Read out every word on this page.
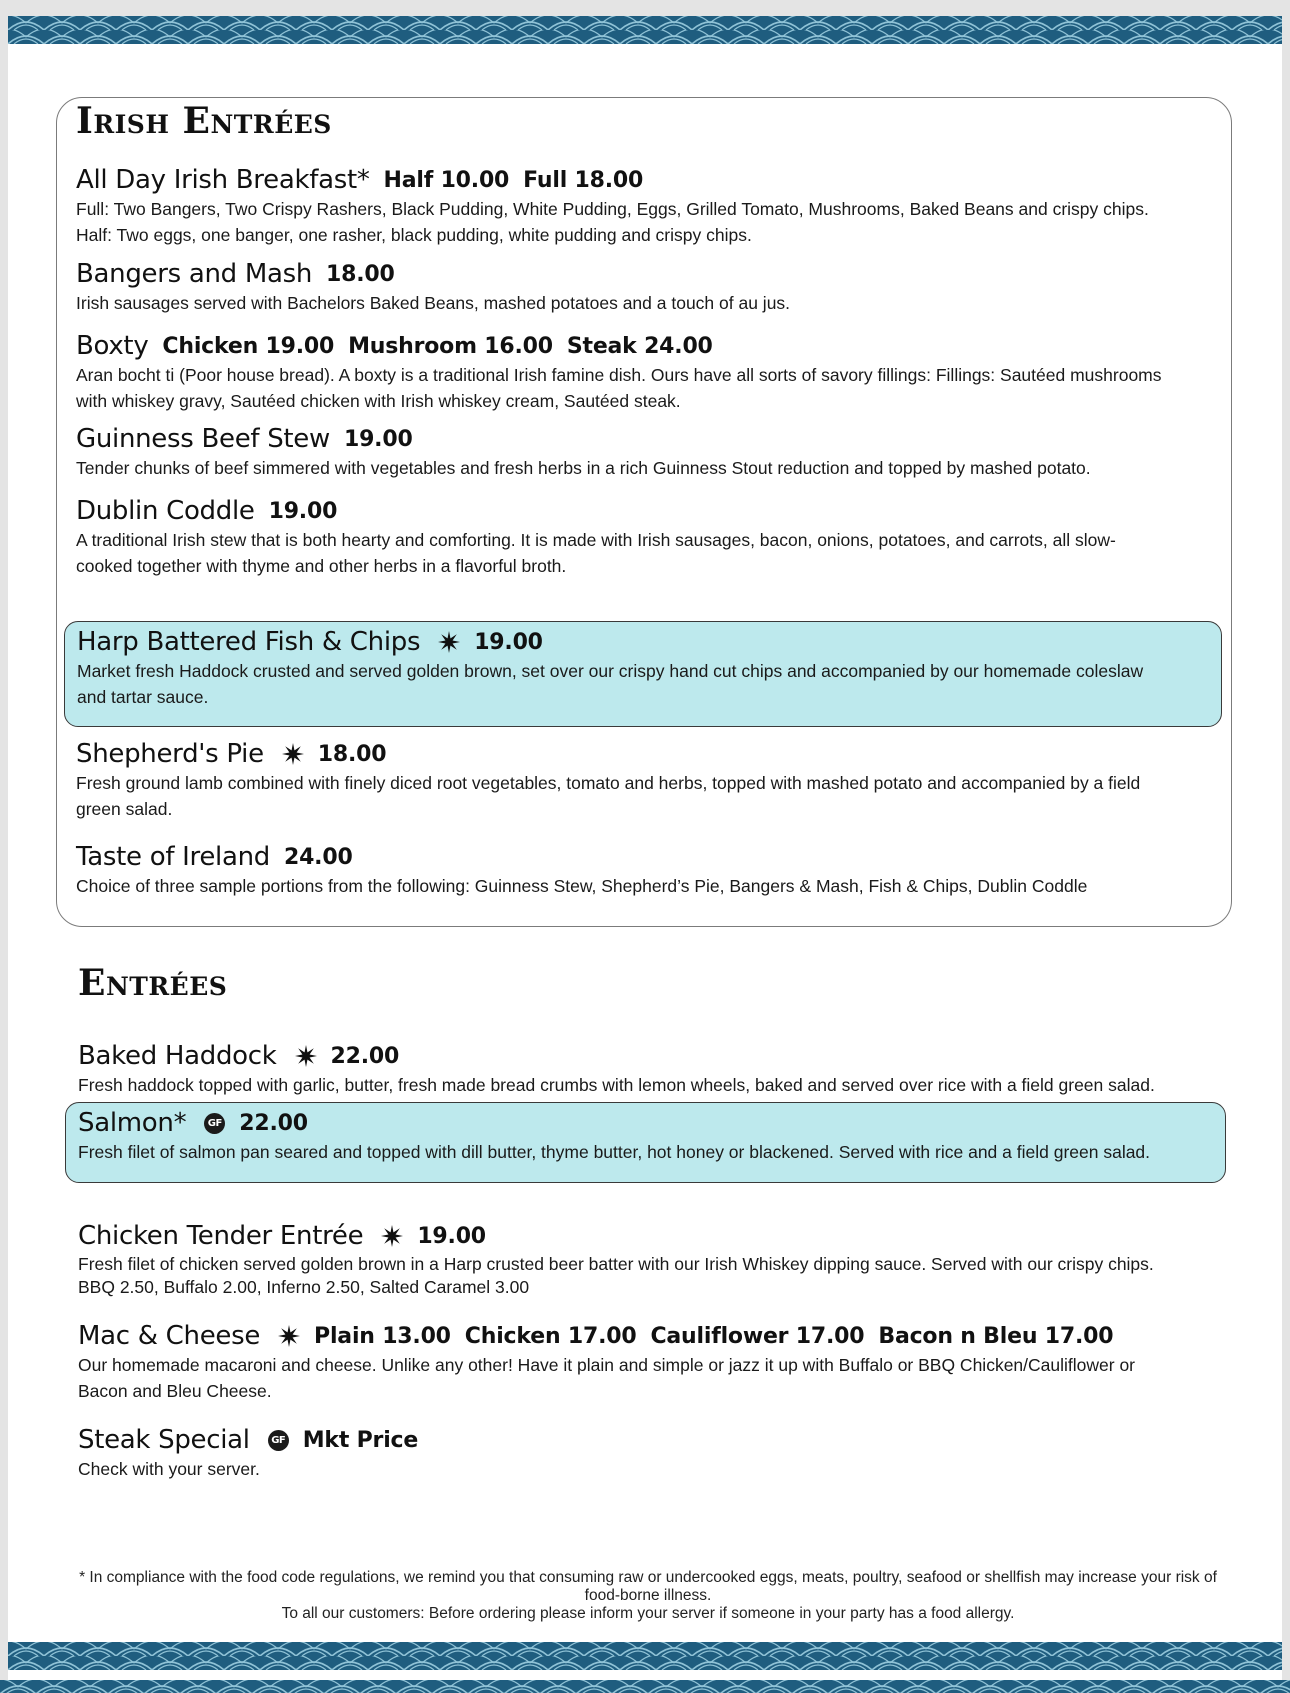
Irish Entrées
All Day Irish Breakfast* Half 10.00 Full 18.00

Full: Two Bangers, Two Crispy Rashers, Black Pudding, White Pudding, Eggs, Grilled Tomato, Mushrooms, Baked Beans and crispy chips.

Half: Two eggs, one banger, one rasher, black pudding, white pudding and crispy chips.

Bangers and Mash 18.00

Irish sausages served with Bachelors Baked Beans, mashed potatoes and a touch of au jus.

Boxty Chicken 19.00 Mushroom 16.00 Steak 24.00

Aran bocht ti (Poor house bread). A boxty is a traditional Irish famine dish. Ours have all sorts of savory fillings: Fillings: Sautéed mushrooms

with whiskey gravy, Sautéed chicken with Irish whiskey cream, Sautéed steak.

Guinness Beef Stew 19.00

Tender chunks of beef simmered with vegetables and fresh herbs in a rich Guinness Stout reduction and topped by mashed potato.

Dublin Coddle 19.00

A traditional Irish stew that is both hearty and comforting. It is made with Irish sausages, bacon, onions, potatoes, and carrots, all slow-

cooked together with thyme and other herbs in a flavorful broth.

Harp Battered Fish & Chips 19.00

Market fresh Haddock crusted and served golden brown, set over our crispy hand cut chips and accompanied by our homemade coleslaw

and tartar sauce.

Shepherd's Pie 18.00

Fresh ground lamb combined with finely diced root vegetables, tomato and herbs, topped with mashed potato and accompanied by a field

green salad.

Taste of Ireland 24.00

Choice of three sample portions from the following: Guinness Stew, Shepherd’s Pie, Bangers & Mash, Fish & Chips, Dublin Coddle

Entrées
Baked Haddock 22.00

Fresh haddock topped with garlic, butter, fresh made bread crumbs with lemon wheels, baked and served over rice with a field green salad.

Salmon*	GF 22.00

Fresh filet of salmon pan seared and topped with dill butter, thyme butter, hot honey or blackened. Served with rice and a field green salad.

Chicken Tender Entrée 19.00

Fresh filet of chicken served golden brown in a Harp crusted beer batter with our Irish Whiskey dipping sauce. Served with our crispy chips.

BBQ 2.50, Buffalo 2.00, Inferno 2.50, Salted Caramel 3.00

Mac & Cheese Plain 13.00 Chicken 17.00 Cauliflower 17.00 Bacon n Bleu 17.00

Our homemade macaroni and cheese. Unlike any other! Have it plain and simple or jazz it up with Buffalo or BBQ Chicken/Cauliflower or

Bacon and Bleu Cheese.

Steak Special	GF Mkt Price

Check with your server.

* In compliance with the food code regulations, we remind you that consuming raw or undercooked eggs, meats, poultry, seafood or shellfish may increase your risk of

food-borne illness.

To all our customers: Before ordering please inform your server if someone in your party has a food allergy.
